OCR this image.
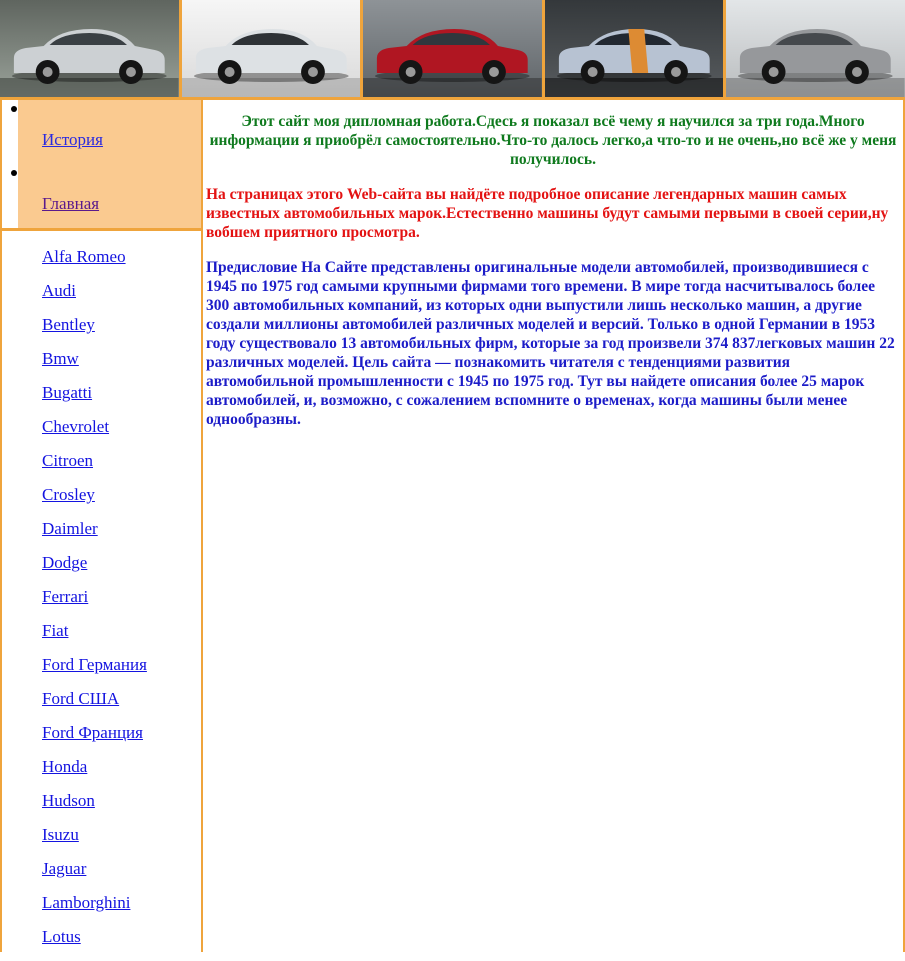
История
Главная
Alfa Romeo
Audi
Bentley
Bmw
Bugatti
Chevrolet
Citroen
Crosley
Daimler
Dodge
Ferrari
Fiat
Ford Германия
Ford США
Ford Франция
Honda
Hudson
Isuzu
Jaguar
Lamborghini
Lotus

Этот сайт моя дипломная работа.Сдесь я показал всё чему я научился за три года.Много информации я приобрёл самостоятельно.Что-то далось легко,а что-то и не очень,но всё же у меня получилось.

На страницах этого Web-сайта вы найдёте подробное описание легендарных машин самых известных автомобильных марок.Естественно машины будут самыми первыми в своей серии,ну вобшем приятного просмотра.

Предисловие На Сайте представлены оригинальные модели автомобилей, производившиеся с 1945 по 1975 год самыми крупными фирмами того времени. В мире тогда насчитывалось более 300 автомобильных компаний, из которых одни выпустили лишь несколько машин, а другие создали миллионы автомобилей различных моделей и версий. Только в одной Германии в 1953 году существовало 13 автомобильных фирм, которые за год произвели 374 837легковых машин 22 различных моделей. Цель сайта — познакомить читателя с тенденциями развития автомобильной промышленности с 1945 по 1975 год. Тут вы найдете описания более 25 марок автомобилей, и, возможно, с сожалением вспомните о временах, когда машины были менее однообразны.
